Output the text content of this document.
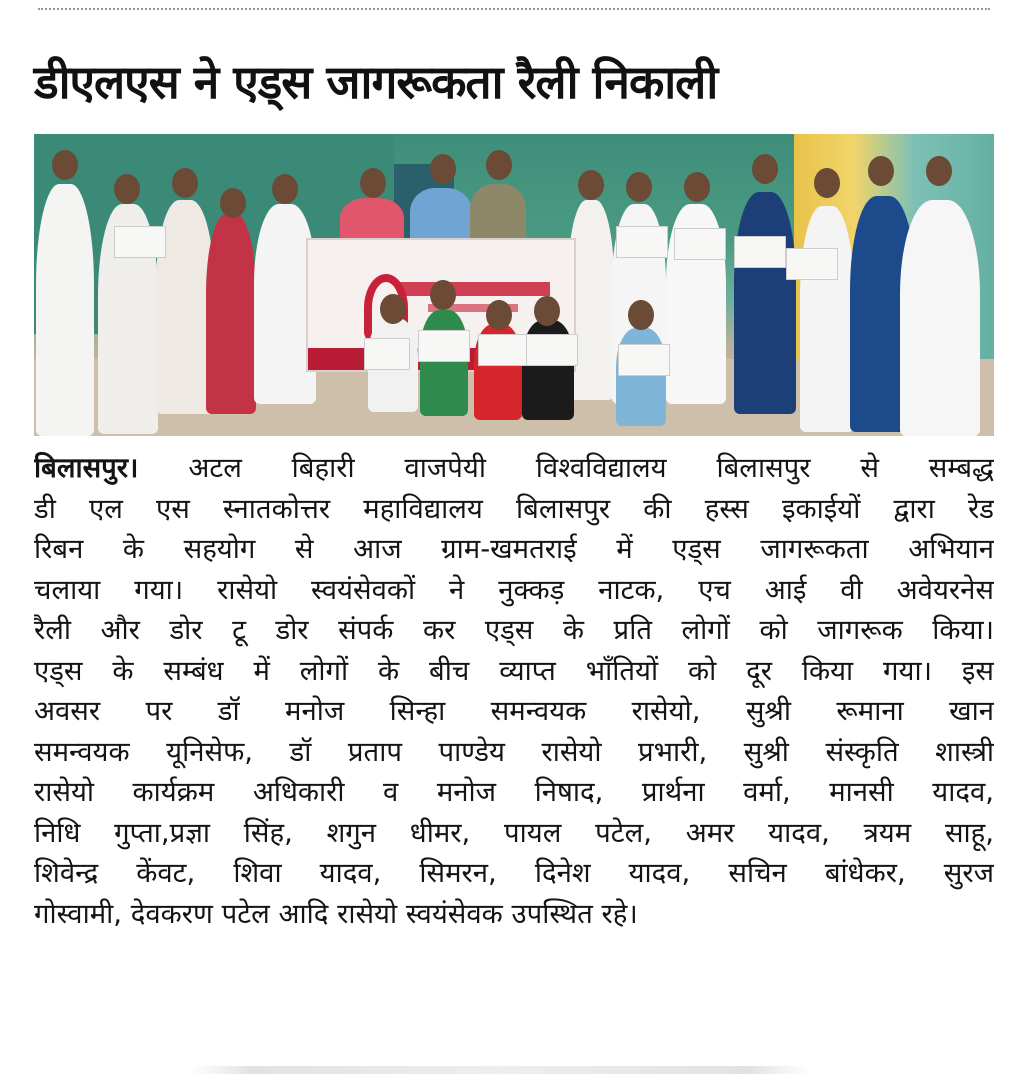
डीएलएस ने एड्स जागरूकता रैली निकाली
बिलासपुर। अटल बिहारी वाजपेयी विश्वविद्यालय बिलासपुर से सम्बद्ध
डी एल एस स्नातकोत्तर महाविद्यालय बिलासपुर की हस्स इकाईयों द्वारा रेड
रिबन के सहयोग से आज ग्राम-खमतराई में एड्स जागरूकता अभियान
चलाया गया। रासेयो स्वयंसेवकों ने नुक्कड़ नाटक, एच आई वी अवेयरनेस
रैली और डोर टू डोर संपर्क कर एड्स के प्रति लोगों को जागरूक किया।
एड्स के सम्बंध में लोगों के बीच व्याप्त भाँतियों को दूर किया गया। इस
अवसर पर डॉ मनोज सिन्हा समन्वयक रासेयो, सुश्री रूमाना खान
समन्वयक यूनिसेफ, डॉ प्रताप पाण्डेय रासेयो प्रभारी, सुश्री संस्कृति शास्त्री
रासेयो कार्यक्रम अधिकारी व मनोज निषाद, प्रार्थना वर्मा, मानसी यादव,
निधि गुप्ता,प्रज्ञा सिंह, शगुन धीमर, पायल पटेल, अमर यादव, त्रयम साहू,
शिवेन्द्र केंवट, शिवा यादव, सिमरन, दिनेश यादव, सचिन बांधेकर, सुरज
गोस्वामी, देवकरण पटेल आदि रासेयो स्वयंसेवक उपस्थित रहे।
